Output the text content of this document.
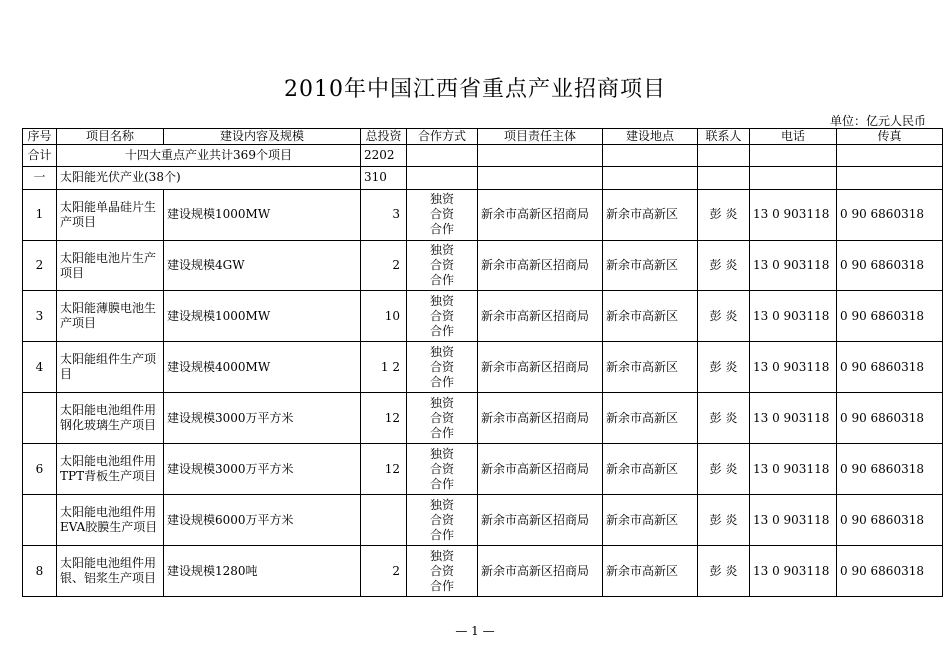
2010年中国江西省重点产业招商项目
单位：亿元人民币
序号	项目名称	建设内容及规模	总投资	合作方式	项目责任主体	建设地点	联系人	电话	传真
合计	十四大重点产业共计369个项目		2202						
一	太阳能光伏产业(38个)		310						
1	太阳能单晶硅片生产项目	建设规模1000MW	3	独资
合资
合作	新余市高新区招商局	新余市高新区	彭 炎	13 0 903118	0 90 6860318
2	太阳能电池片生产项目	建设规模4GW	2	独资
合资
合作	新余市高新区招商局	新余市高新区	彭 炎	13 0 903118	0 90 6860318
3	太阳能薄膜电池生产项目	建设规模1000MW	10	独资
合资
合作	新余市高新区招商局	新余市高新区	彭 炎	13 0 903118	0 90 6860318
4	太阳能组件生产项目	建设规模4000MW	1 2	独资
合资
合作	新余市高新区招商局	新余市高新区	彭 炎	13 0 903118	0 90 6860318
	太阳能电池组件用钢化玻璃生产项目	建设规模3000万平方米	12	独资
合资
合作	新余市高新区招商局	新余市高新区	彭 炎	13 0 903118	0 90 6860318
6	太阳能电池组件用TPT背板生产项目	建设规模3000万平方米	12	独资
合资
合作	新余市高新区招商局	新余市高新区	彭 炎	13 0 903118	0 90 6860318
	太阳能电池组件用EVA胶膜生产项目	建设规模6000万平方米		独资
合资
合作	新余市高新区招商局	新余市高新区	彭 炎	13 0 903118	0 90 6860318
8	太阳能电池组件用银、铝浆生产项目	建设规模1280吨	2	独资
合资
合作	新余市高新区招商局	新余市高新区	彭 炎	13 0 903118	0 90 6860318
— 1 —
